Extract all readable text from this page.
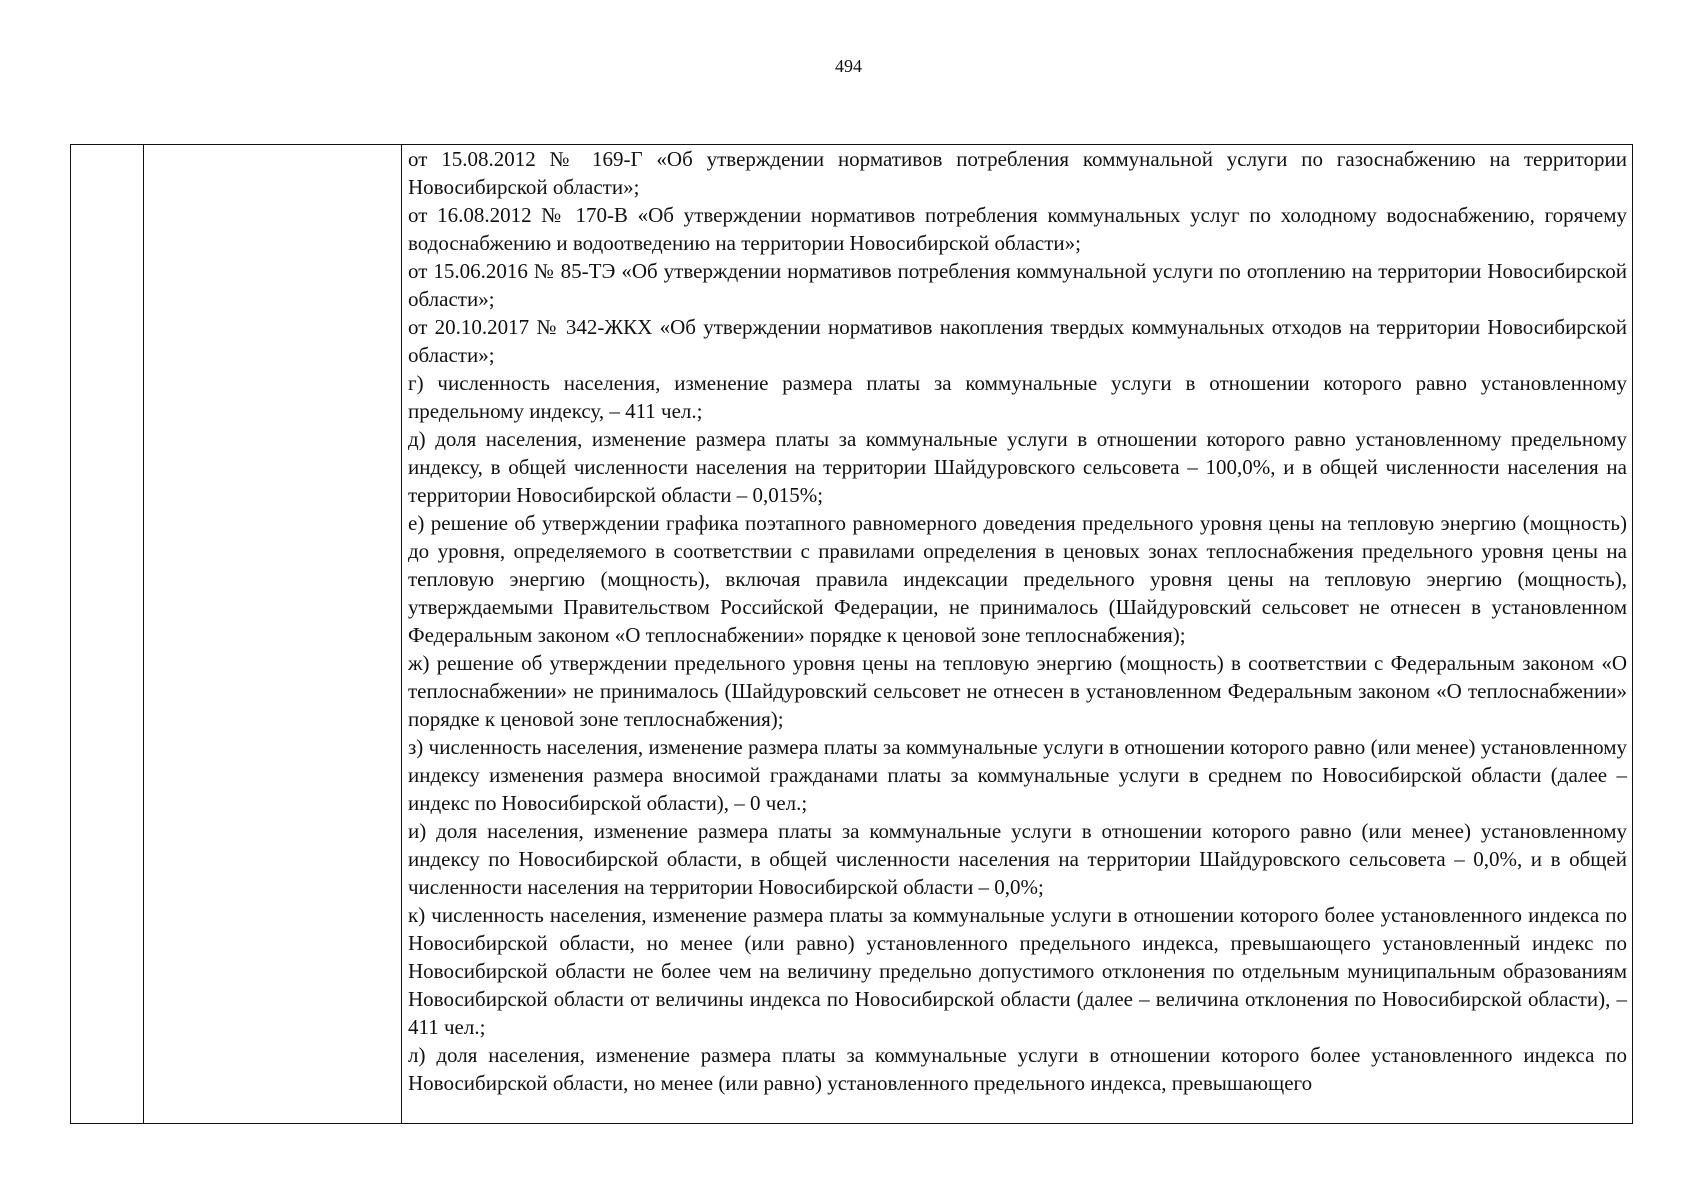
494

от 15.08.2012 № 169-Г «Об утверждении нормативов потребления коммунальной услуги по газоснабжению на территории Новосибирской области»;

от 16.08.2012 № 170-В «Об утверждении нормативов потребления коммунальных услуг по холодному водоснабжению, горячему водоснабжению и водоотведению на территории Новосибирской области»;

от 15.06.2016 № 85-ТЭ «Об утверждении нормативов потребления коммунальной услуги по отоплению на территории Новосибирской области»;

от 20.10.2017 № 342-ЖКХ «Об утверждении нормативов накопления твердых коммунальных отходов на территории Новосибирской области»;

г) численность населения, изменение размера платы за коммунальные услуги в отношении которого равно установленному предельному индексу, – 411 чел.;

д) доля населения, изменение размера платы за коммунальные услуги в отношении которого равно установленному предельному индексу, в общей численности населения на территории Шайдуровского сельсовета – 100,0%, и в общей численности населения на территории Новосибирской области – 0,015%;

е) решение об утверждении графика поэтапного равномерного доведения предельного уровня цены на тепловую энергию (мощность) до уровня, определяемого в соответствии с правилами определения в ценовых зонах теплоснабжения предельного уровня цены на тепловую энергию (мощность), включая правила индексации предельного уровня цены на тепловую энергию (мощность), утверждаемыми Правительством Российской Федерации, не принималось (Шайдуровский сельсовет не отнесен в установленном Федеральным законом «О теплоснабжении» порядке к ценовой зоне теплоснабжения);

ж) решение об утверждении предельного уровня цены на тепловую энергию (мощность) в соответствии с Федеральным законом «О теплоснабжении» не принималось (Шайдуровский сельсовет не отнесен в установленном Федеральным законом «О теплоснабжении» порядке к ценовой зоне теплоснабжения);

з) численность населения, изменение размера платы за коммунальные услуги в отношении которого равно (или менее) установленному индексу изменения размера вносимой гражданами платы за коммунальные услуги в среднем по Новосибирской области (далее – индекс по Новосибирской области), – 0 чел.;

и) доля населения, изменение размера платы за коммунальные услуги в отношении которого равно (или менее) установленному индексу по Новосибирской области, в общей численности населения на территории Шайдуровского сельсовета – 0,0%, и в общей численности населения на территории Новосибирской области – 0,0%;

к) численность населения, изменение размера платы за коммунальные услуги в отношении которого более установленного индекса по Новосибирской области, но менее (или равно) установленного предельного индекса, превышающего установленный индекс по Новосибирской области не более чем на величину предельно допустимого отклонения по отдельным муниципальным образованиям Новосибирской области от величины индекса по Новосибирской области (далее – величина отклонения по Новосибирской области), – 411 чел.;

л) доля населения, изменение размера платы за коммунальные услуги в отношении которого более установленного индекса по Новосибирской области, но менее (или равно) установленного предельного индекса, превышающего
